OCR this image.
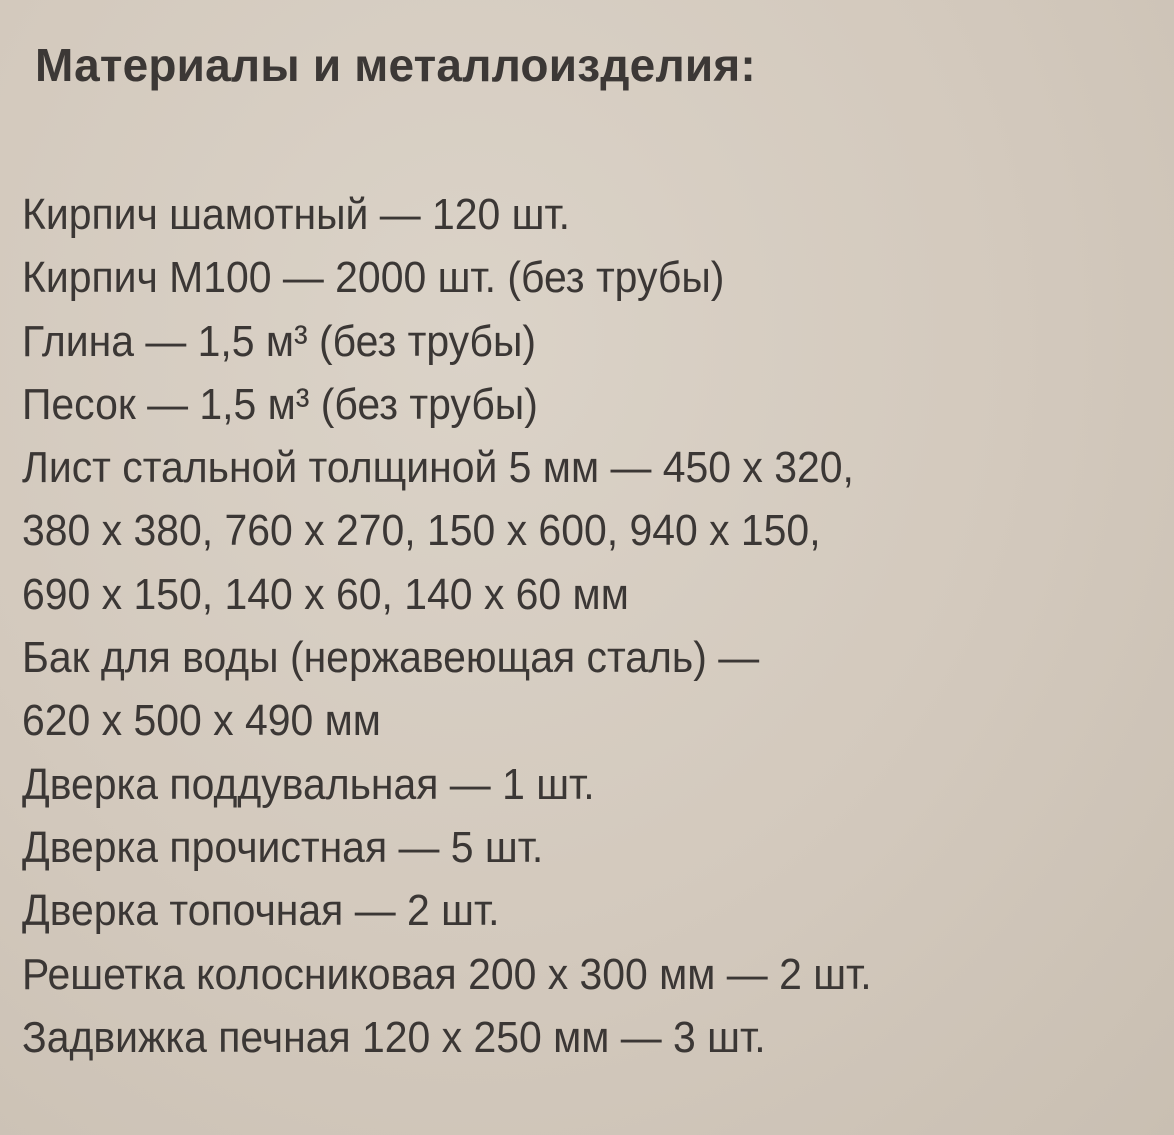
Материалы и металлоизделия:
Кирпич шамотный — 120 шт.
Кирпич М100 — 2000 шт. (без трубы)
Глина — 1,5 м³ (без трубы)
Песок — 1,5 м³ (без трубы)
Лист стальной толщиной 5 мм — 450 x 320,
380 x 380, 760 x 270, 150 x 600, 940 x 150,
690 x 150, 140 x 60, 140 x 60 мм
Бак для воды (нержавеющая сталь) —
620 x 500 x 490 мм
Дверка поддувальная — 1 шт.
Дверка прочистная — 5 шт.
Дверка топочная — 2 шт.
Решетка колосниковая 200 x 300 мм — 2 шт.
Задвижка печная 120 x 250 мм — 3 шт.
